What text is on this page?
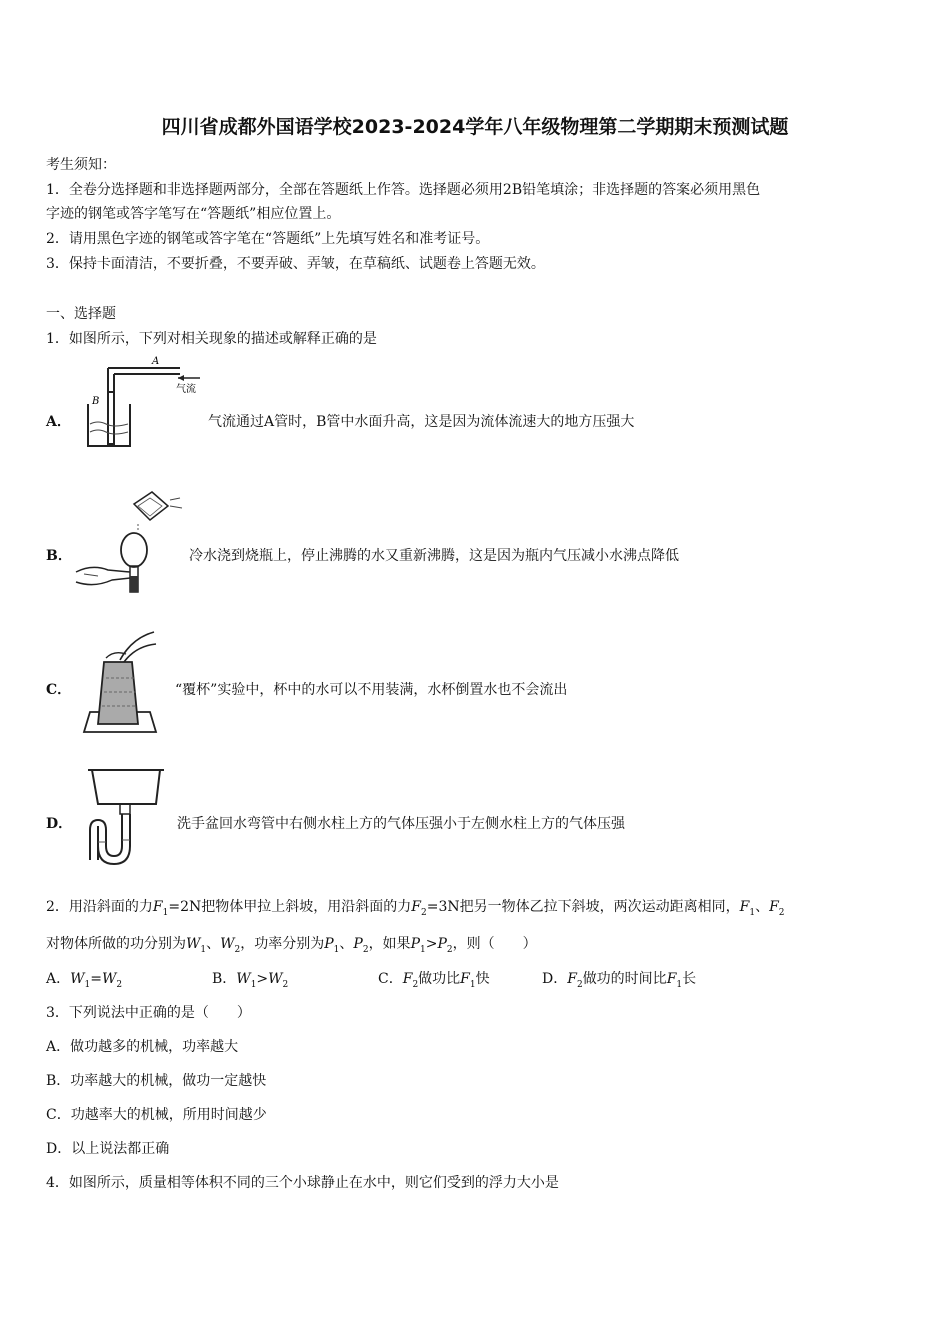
四川省成都外国语学校2023-2024学年八年级物理第二学期期末预测试题
考生须知：
1．全卷分选择题和非选择题两部分，全部在答题纸上作答。选择题必须用2B铅笔填涂；非选择题的答案必须用黑色
字迹的钢笔或答字笔写在“答题纸”相应位置上。
2．请用黑色字迹的钢笔或答字笔在“答题纸”上先填写姓名和准考证号。
3．保持卡面清洁，不要折叠，不要弄破、弄皱，在草稿纸、试题卷上答题无效。
一、选择题
1．如图所示，下列对相关现象的描述或解释正确的是
A．
A
B
气流
气流通过A管时，B管中水面升高，这是因为流体流速大的地方压强大
B．	冷水浇到烧瓶上，停止沸腾的水又重新沸腾，这是因为瓶内气压减小水沸点降低
C．	“覆杯”实验中，杯中的水可以不用装满，水杯倒置水也不会流出
D．	洗手盆回水弯管中右侧水柱上方的气体压强小于左侧水柱上方的气体压强
2．用沿斜面的力$F_1=2N$把物体甲拉上斜坡，用沿斜面的力$F_2=3N$把另一物体乙拉下斜坡，两次运动距离相同，$F_1$、$F_2$
对物体所做的功分别为$W_1$、$W_2$，功率分别为$P_1$、$P_2$，如果$P_1>P_2$，则（　　）
A．$W_1=W_2$	B．$W_1>W_2$	C．$F_2$做功比$F_1$快	D．$F_2$做功的时间比$F_1$长
3．下列说法中正确的是（　　）
A．做功越多的机械，功率越大
B．功率越大的机械，做功一定越快
C．功越率大的机械，所用时间越少
D．以上说法都正确
4．如图所示，质量相等体积不同的三个小球静止在水中，则它们受到的浮力大小是
